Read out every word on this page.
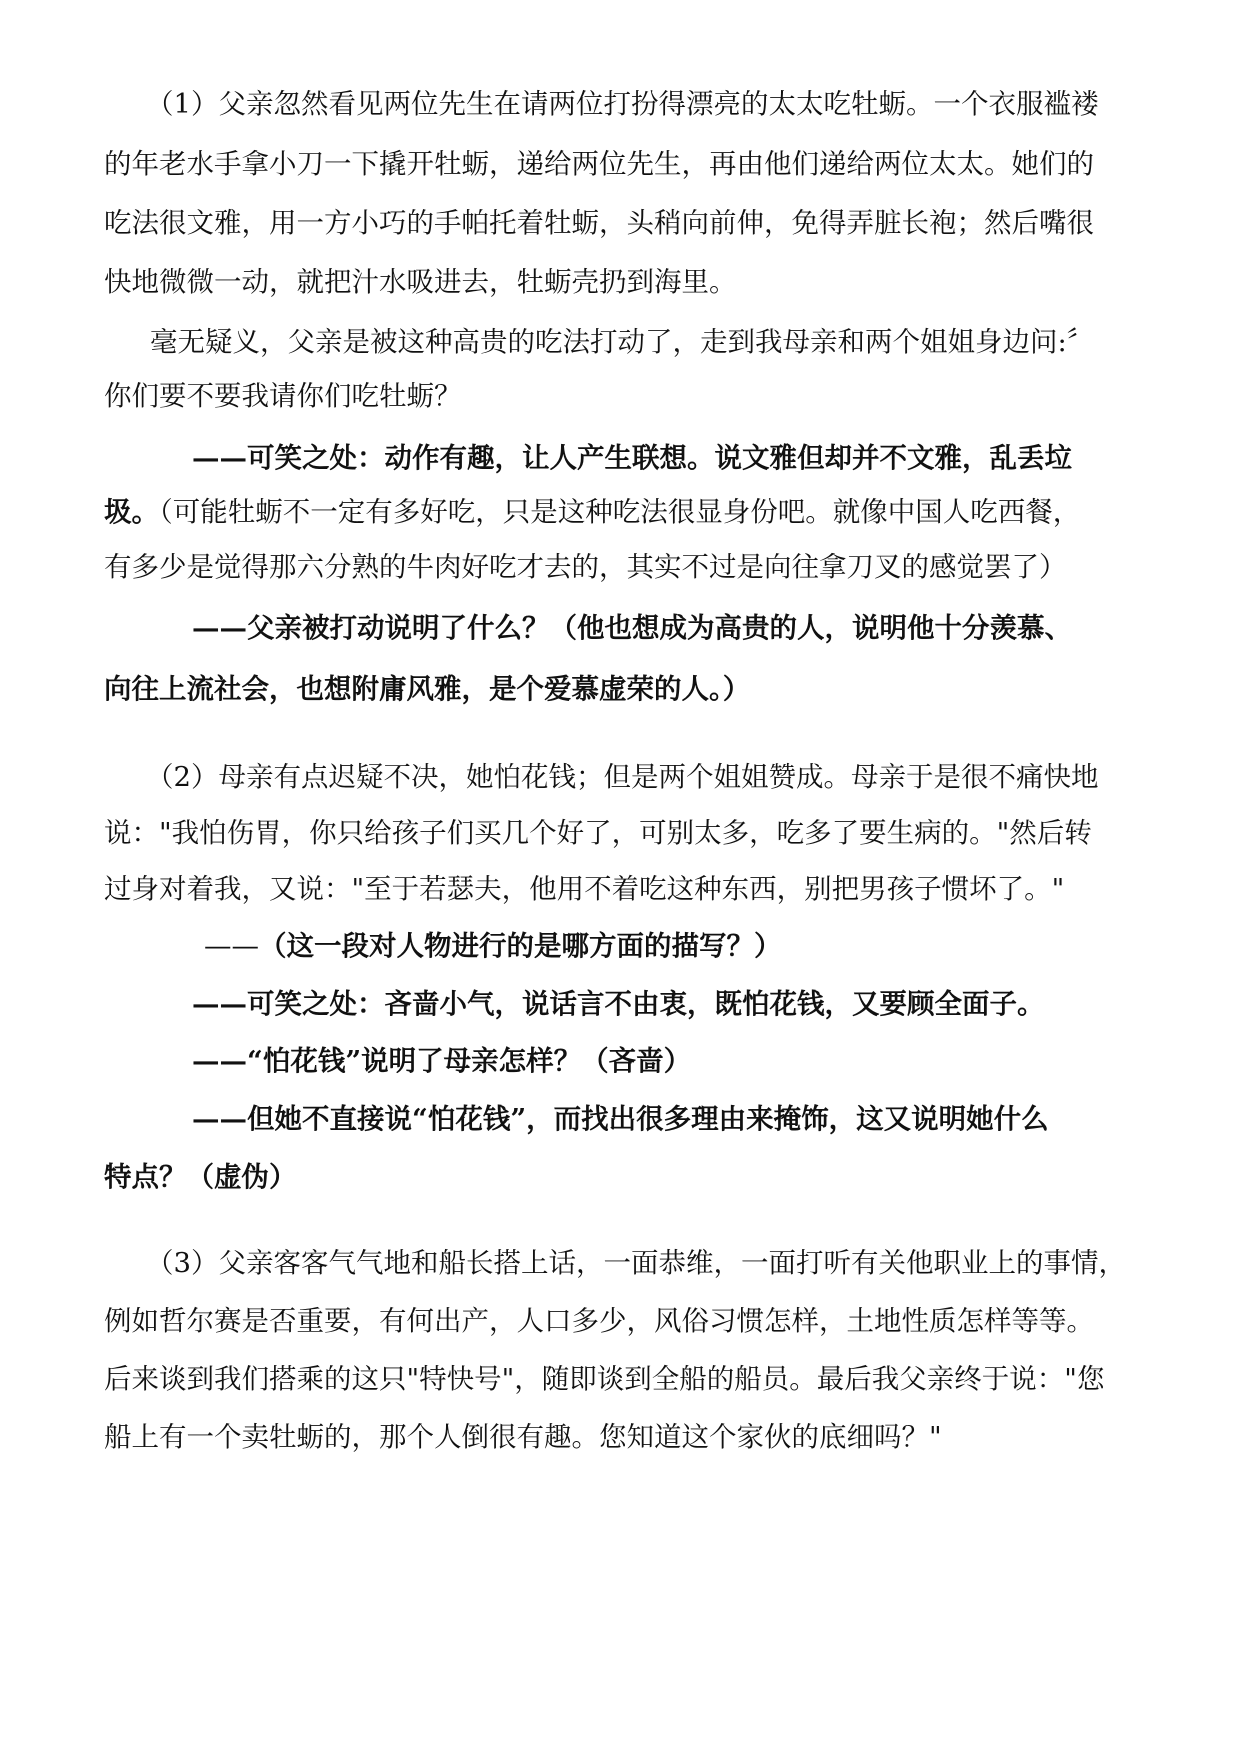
（1）父亲忽然看见两位先生在请两位打扮得漂亮的太太吃牡蛎。一个衣服褴褛
的年老水手拿小刀一下撬开牡蛎，递给两位先生，再由他们递给两位太太。她们的
吃法很文雅，用一方小巧的手帕托着牡蛎，头稍向前伸，免得弄脏长袍；然后嘴很
快地微微一动，就把汁水吸进去，牡蛎壳扔到海里。
毫无疑义，父亲是被这种高贵的吃法打动了，走到我母亲和两个姐姐身边问:〞
你们要不要我请你们吃牡蛎？
——可笑之处：动作有趣，让人产生联想。说文雅但却并不文雅，乱丢垃
圾。（可能牡蛎不一定有多好吃，只是这种吃法很显身份吧。就像中国人吃西餐，
有多少是觉得那六分熟的牛肉好吃才去的，其实不过是向往拿刀叉的感觉罢了）
——父亲被打动说明了什么？（他也想成为高贵的人，说明他十分羡慕、
向往上流社会，也想附庸风雅，是个爱慕虚荣的人。）
（2）母亲有点迟疑不决，她怕花钱；但是两个姐姐赞成。母亲于是很不痛快地
说："我怕伤胃，你只给孩子们买几个好了，可别太多，吃多了要生病的。"然后转
过身对着我，又说："至于若瑟夫，他用不着吃这种东西，别把男孩子惯坏了。"
——（这一段对人物进行的是哪方面的描写？）
——可笑之处：吝啬小气，说话言不由衷，既怕花钱，又要顾全面子。
——“怕花钱”说明了母亲怎样？（吝啬）
——但她不直接说“怕花钱”，而找出很多理由来掩饰，这又说明她什么
特点？（虚伪）
（3）父亲客客气气地和船长搭上话，一面恭维，一面打听有关他职业上的事情，
例如哲尔赛是否重要，有何出产，人口多少，风俗习惯怎样，土地性质怎样等等。
后来谈到我们搭乘的这只"特快号"，随即谈到全船的船员。最后我父亲终于说："您
船上有一个卖牡蛎的，那个人倒很有趣。您知道这个家伙的底细吗？"
